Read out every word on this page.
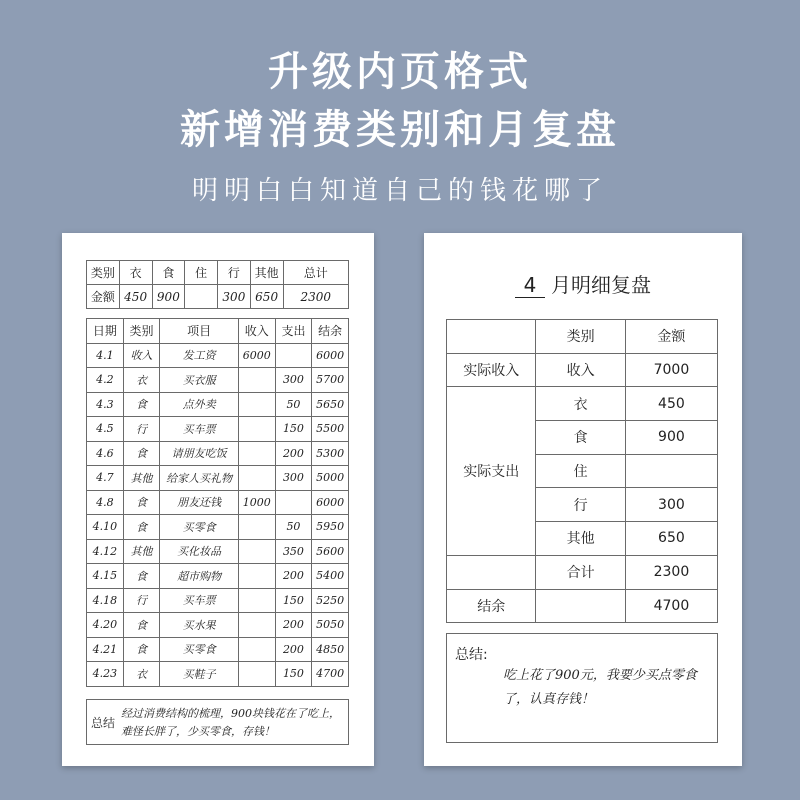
升级内页格式
新增消费类别和月复盘
明明白白知道自己的钱花哪了
类别	衣	食	住	行	其他	总计
金额	450	900		300	650	2300
日期	类别	项目	收入	支出	结余
4.1	收入	发工资	6000		6000
4.2	衣	买衣服		300	5700
4.3	食	点外卖		50	5650
4.5	行	买车票		150	5500
4.6	食	请朋友吃饭		200	5300
4.7	其他	给家人买礼物		300	5000
4.8	食	朋友还钱	1000		6000
4.10	食	买零食		50	5950
4.12	其他	买化妆品		350	5600
4.15	食	超市购物		200	5400
4.18	行	买车票		150	5250
4.20	食	买水果		200	5050
4.21	食	买零食		200	4850
4.23	衣	买鞋子		150	4700
总结
经过消费结构的梳理，900块钱花在了吃上，难怪长胖了，少买零食，存钱！
4 月明细复盘
	类别	金额
实际收入	收入	7000
实际支出	衣	450
	食	900
	住	
	行	300
	其他	650
	合计	2300
结余		4700
总结:
吃上花了900元，我要少买点零食了，认真存钱！
